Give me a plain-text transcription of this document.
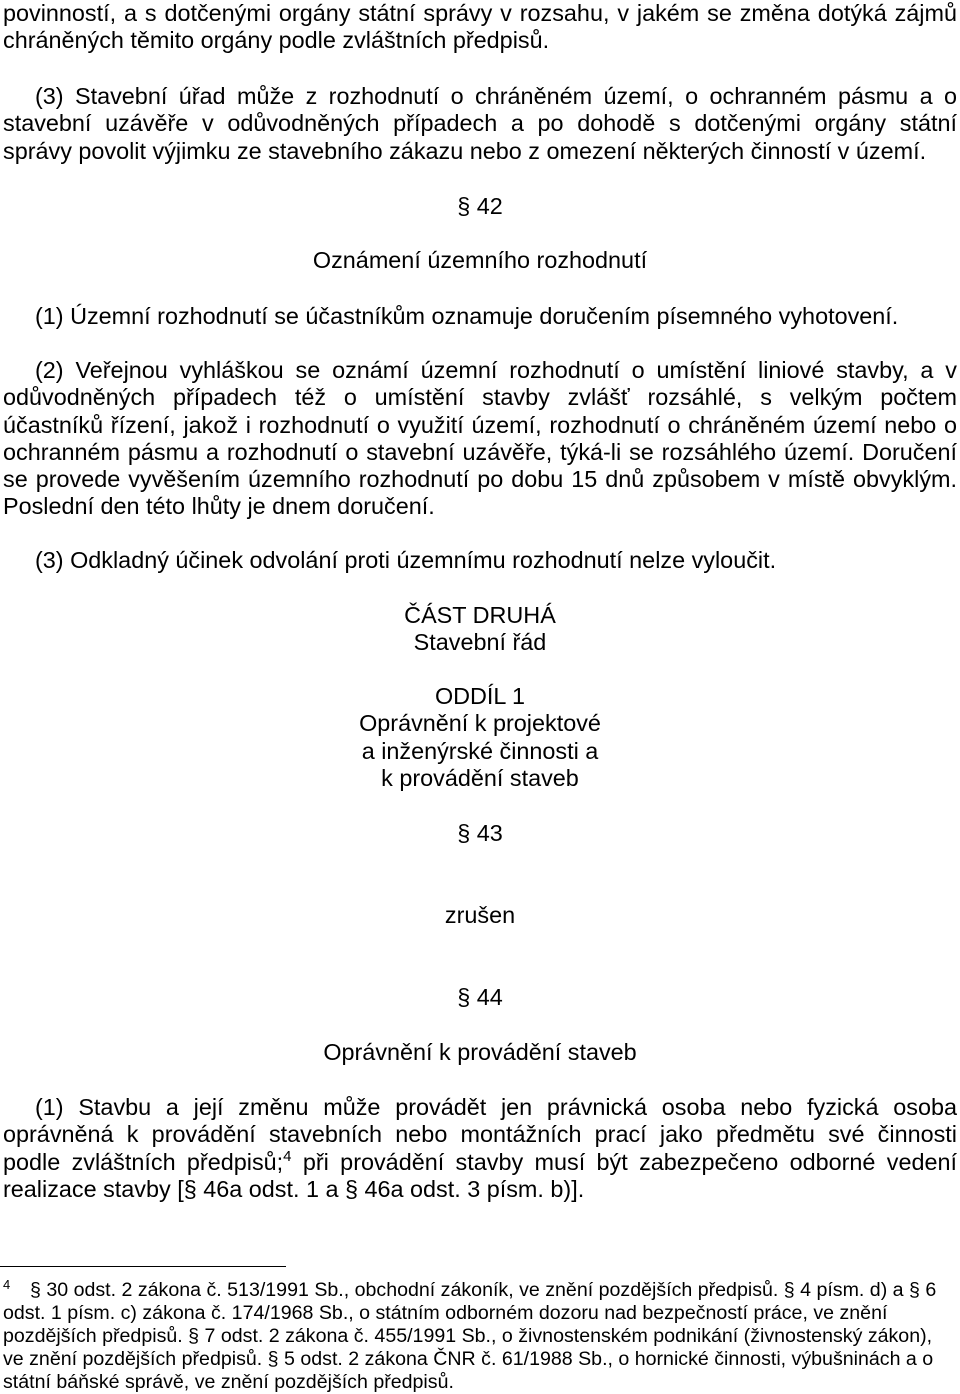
povinností, a s dotčenými orgány státní správy v rozsahu, v jakém se změna dotýká zájmů
chráněných těmito orgány podle zvláštních předpisů.
(3) Stavební úřad může z rozhodnutí o chráněném území, o ochranném pásmu a o
stavební uzávěře v odůvodněných případech a po dohodě s dotčenými orgány státní
správy povolit výjimku ze stavebního zákazu nebo z omezení některých činností v území.
§ 42
Oznámení územního rozhodnutí
(1) Územní rozhodnutí se účastníkům oznamuje doručením písemného vyhotovení.
(2) Veřejnou vyhláškou se oznámí územní rozhodnutí o umístění liniové stavby, a v
odůvodněných případech též o umístění stavby zvlášť rozsáhlé, s velkým počtem
účastníků řízení, jakož i rozhodnutí o využití území, rozhodnutí o chráněném území nebo o
ochranném pásmu a rozhodnutí o stavební uzávěře, týká-li se rozsáhlého území. Doručení
se provede vyvěšením územního rozhodnutí po dobu 15 dnů způsobem v místě obvyklým.
Poslední den této lhůty je dnem doručení.
(3) Odkladný účinek odvolání proti územnímu rozhodnutí nelze vyloučit.
ČÁST DRUHÁ
Stavební řád
ODDÍL 1
Oprávnění k projektové
a inženýrské činnosti a
k provádění staveb
§ 43
zrušen
§ 44
Oprávnění k provádění staveb
(1) Stavbu a její změnu může provádět jen právnická osoba nebo fyzická osoba
oprávněná k provádění stavebních nebo montážních prací jako předmětu své činnosti
podle zvláštních předpisů;$^4$ při provádění stavby musí být zabezpečeno odborné vedení
realizace stavby [§ 46a odst. 1 a § 46a odst. 3 písm. b)].
4 § 30 odst. 2 zákona č. 513/1991 Sb., obchodní zákoník, ve znění pozdějších předpisů. § 4 písm. d) a § 6
odst. 1 písm. c) zákona č. 174/1968 Sb., o státním odborném dozoru nad bezpečností práce, ve znění
pozdějších předpisů. § 7 odst. 2 zákona č. 455/1991 Sb., o živnostenském podnikání (živnostenský zákon),
ve znění pozdějších předpisů. § 5 odst. 2 zákona ČNR č. 61/1988 Sb., o hornické činnosti, výbušninách a o
státní báňské správě, ve znění pozdějších předpisů.
